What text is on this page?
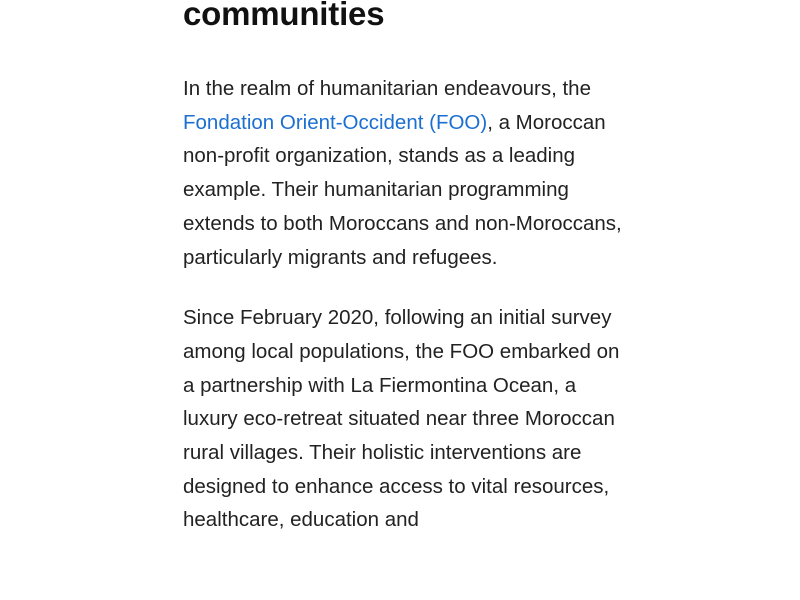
communities

In the realm of humanitarian endeavours, the Fondation Orient-Occident (FOO), a Moroccan non-profit organization, stands as a leading example. Their humanitarian programming extends to both Moroccans and non-Moroccans, particularly migrants and refugees.

Since February 2020, following an initial survey among local populations, the FOO embarked on a partnership with La Fiermontina Ocean, a luxury eco-retreat situated near three Moroccan rural villages. Their holistic interventions are designed to enhance access to vital resources, healthcare, education and
